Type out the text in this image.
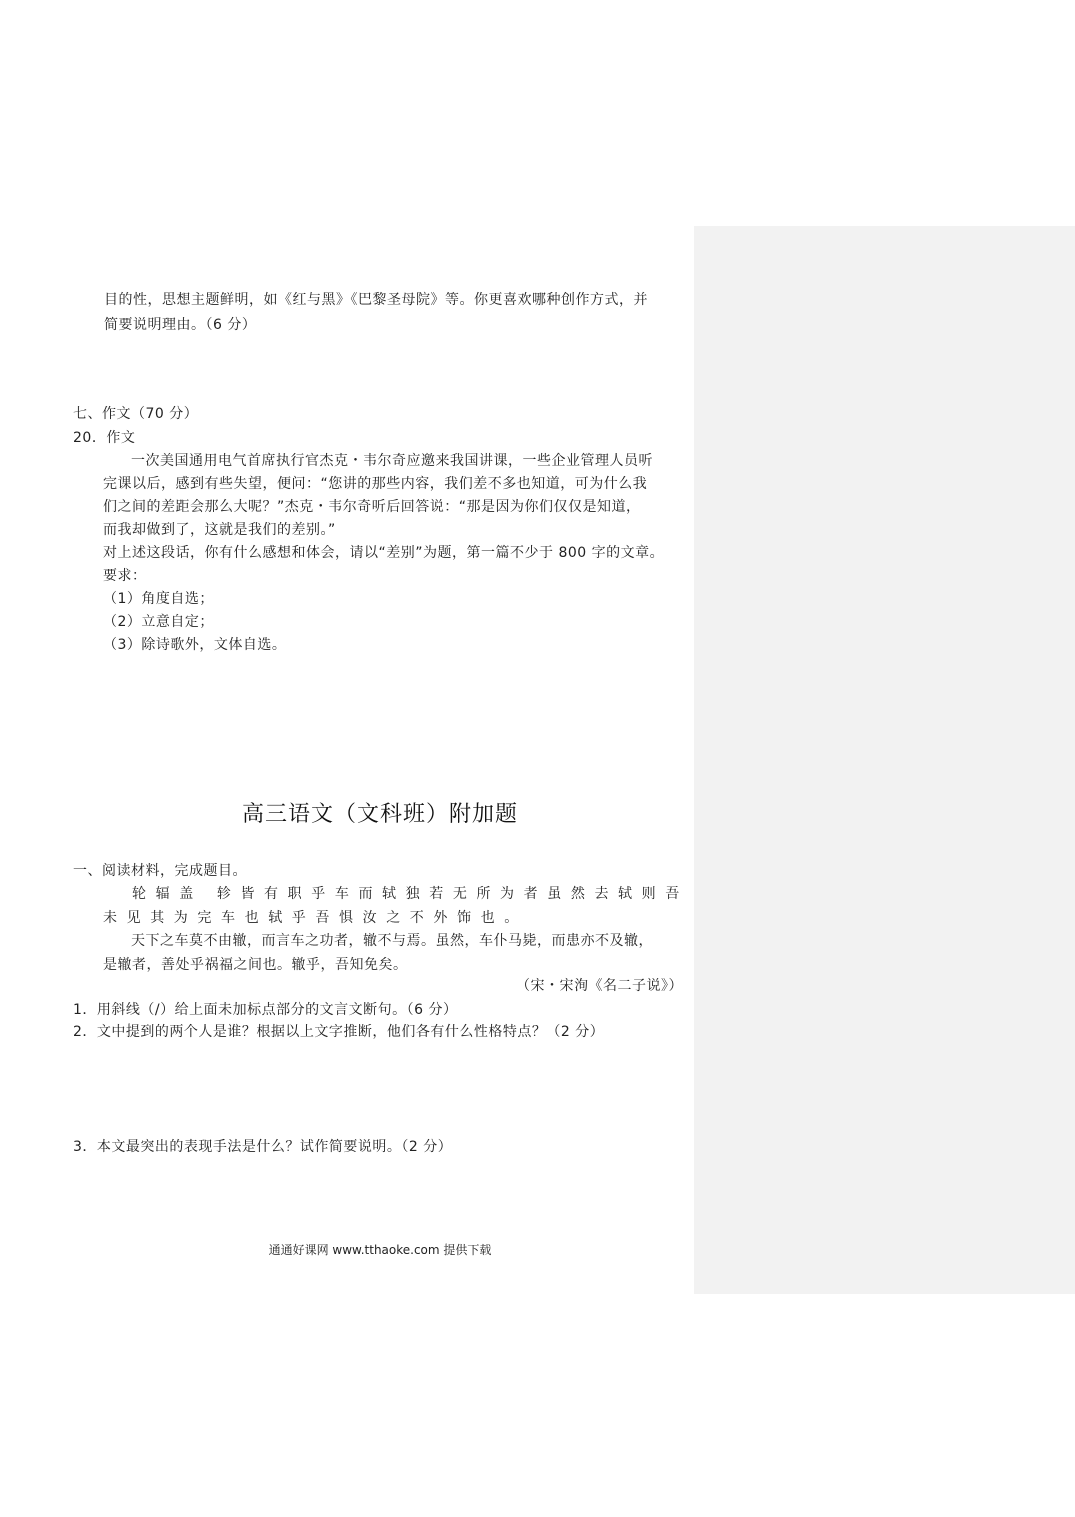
目的性，思想主题鲜明，如《红与黑》《巴黎圣母院》等。你更喜欢哪种创作方式，并
简要说明理由。（6 分）
七、作文（70 分）
20．作文
一次美国通用电气首席执行官杰克・韦尔奇应邀来我国讲课，一些企业管理人员听
完课以后，感到有些失望，便问：“您讲的那些内容，我们差不多也知道，可为什么我
们之间的差距会那么大呢？”杰克・韦尔奇听后回答说：“那是因为你们仅仅是知道，
而我却做到了，这就是我们的差别。”
对上述这段话，你有什么感想和体会，请以“差别”为题，第一篇不少于 800 字的文章。
要求：
（1）角度自选；
（2）立意自定；
（3）除诗歌外，文体自选。
高三语文（文科班）附加题
一、阅读材料，完成题目。
轮辐盖 轸皆有职乎车而轼独若无所为者虽然去轼则吾
未见其为完车也轼乎吾惧汝之不外饰也。
天下之车莫不由辙，而言车之功者，辙不与焉。虽然，车仆马毙，而患亦不及辙，
是辙者，善处乎祸福之间也。辙乎，吾知免矣。
（宋・宋洵《名二子说》）
1．用斜线（/）给上面未加标点部分的文言文断句。（6 分）
2．文中提到的两个人是谁？根据以上文字推断，他们各有什么性格特点？（2 分）
3．本文最突出的表现手法是什么？试作简要说明。（2 分）
通通好课网 www.tthaoke.com 提供下载
